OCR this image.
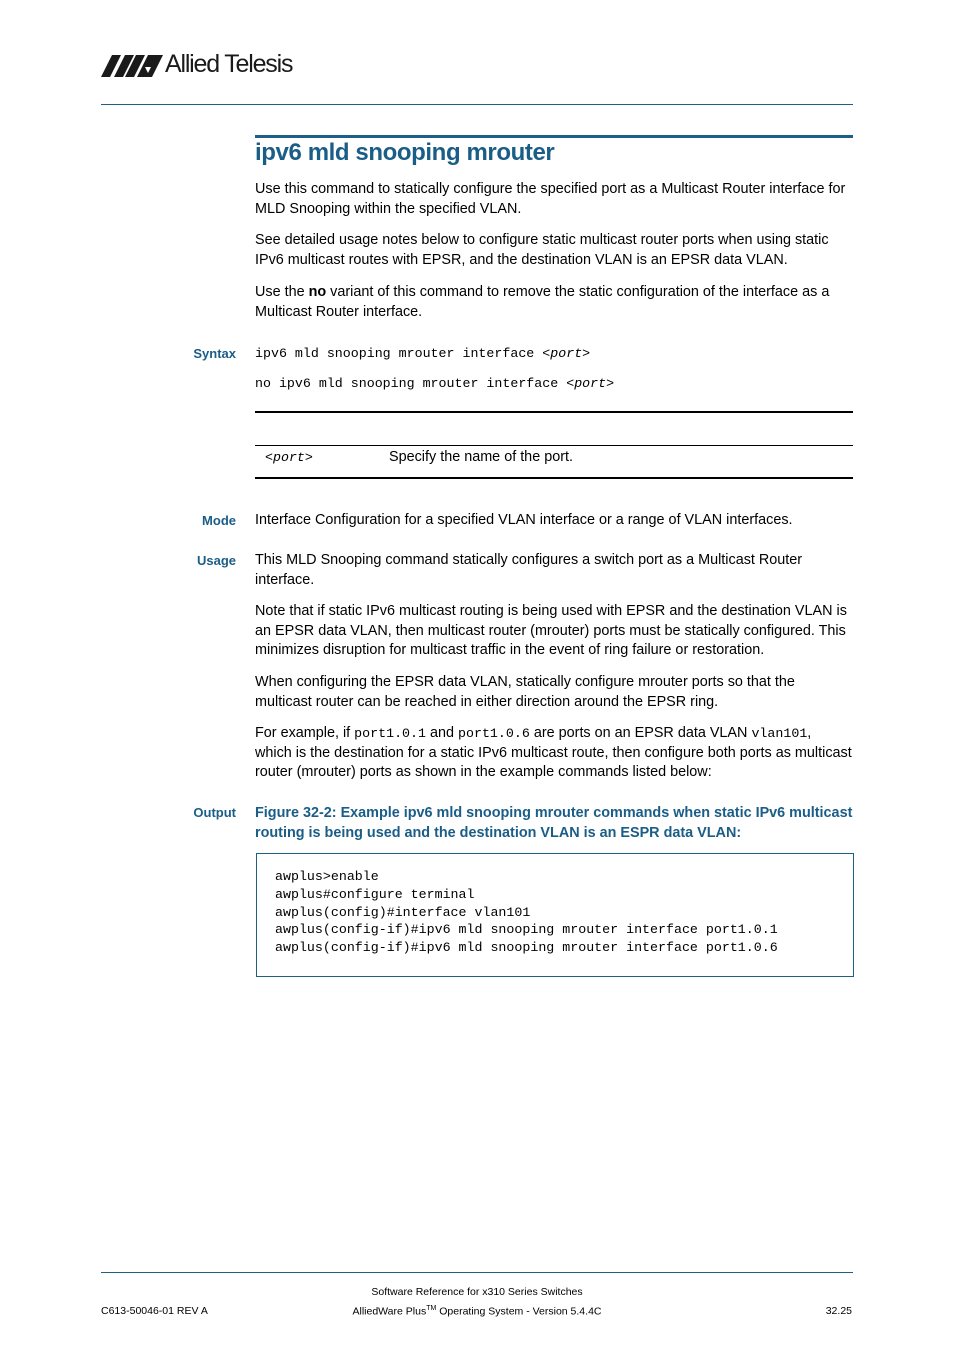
Allied Telesis
ipv6 mld snooping mrouter
Use this command to statically configure the specified port as a Multicast Router interface for MLD Snooping within the specified VLAN.
See detailed usage notes below to configure static multicast router ports when using static IPv6 multicast routes with EPSR, and the destination VLAN is an EPSR data VLAN.
Use the no variant of this command to remove the static configuration of the interface as a Multicast Router interface.
Syntax ipv6 mld snooping mrouter interface <port>
no ipv6 mld snooping mrouter interface <port>
<port>	Specify the name of the port.
Mode Interface Configuration for a specified VLAN interface or a range of VLAN interfaces.
Usage This MLD Snooping command statically configures a switch port as a Multicast Router interface.
Note that if static IPv6 multicast routing is being used with EPSR and the destination VLAN is an EPSR data VLAN, then multicast router (mrouter) ports must be statically configured. This minimizes disruption for multicast traffic in the event of ring failure or restoration.
When configuring the EPSR data VLAN, statically configure mrouter ports so that the multicast router can be reached in either direction around the EPSR ring.
For example, if port1.0.1 and port1.0.6 are ports on an EPSR data VLAN vlan101,
which is the destination for a static IPv6 multicast route, then configure both ports as multicast router (mrouter) ports as shown in the example commands listed below:
Output Figure 32-2: Example ipv6 mld snooping mrouter commands when static IPv6 multicast routing is being used and the destination VLAN is an ESPR data VLAN:
awplus>enable
awplus#configure terminal
awplus(config)#interface vlan101
awplus(config-if)#ipv6 mld snooping mrouter interface port1.0.1
awplus(config-if)#ipv6 mld snooping mrouter interface port1.0.6
Software Reference for x310 Series Switches
C613-50046-01 REV A	AlliedWare Plus™ Operating System - Version 5.4.4C	32.25
